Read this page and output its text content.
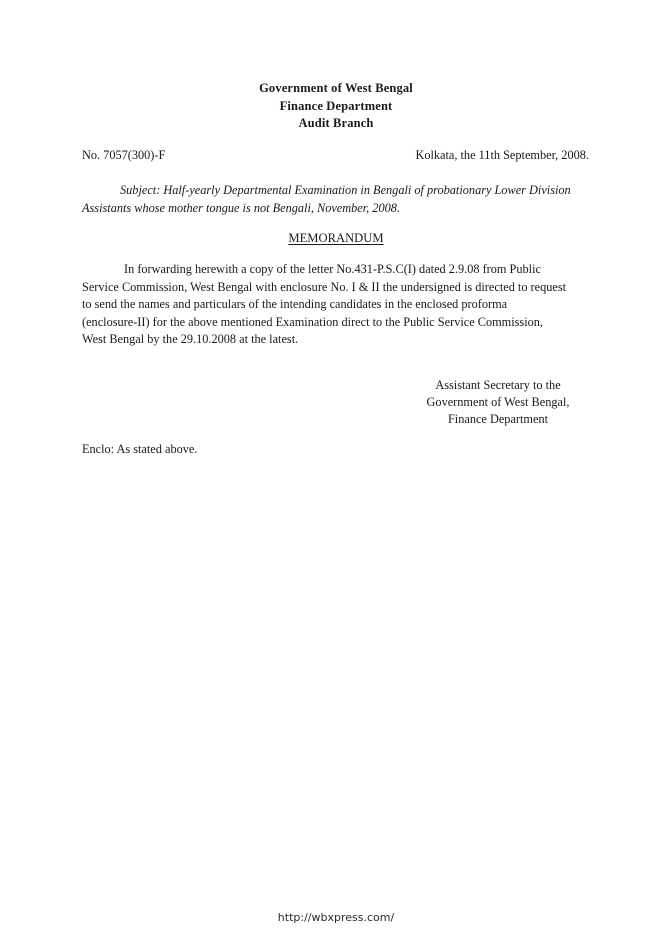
Government of West Bengal
Finance Department
Audit Branch
No. 7057(300)-F	Kolkata, the 11th September, 2008.
Subject: Half-yearly Departmental Examination in Bengali of probationary Lower Division Assistants whose mother tongue is not Bengali, November, 2008.
MEMORANDUM
In forwarding herewith a copy of the letter No.431-P.S.C(I) dated 2.9.08 from Public
Service Commission, West Bengal with enclosure No. I & II the undersigned is directed to request
to send the names and particulars of the intending candidates in the enclosed proforma
(enclosure-II) for the above mentioned Examination direct to the Public Service Commission,
West Bengal by the 29.10.2008 at the latest.
Assistant Secretary to the
Government of West Bengal,
Finance Department
Enclo: As stated above.
http://wbxpress.com/
